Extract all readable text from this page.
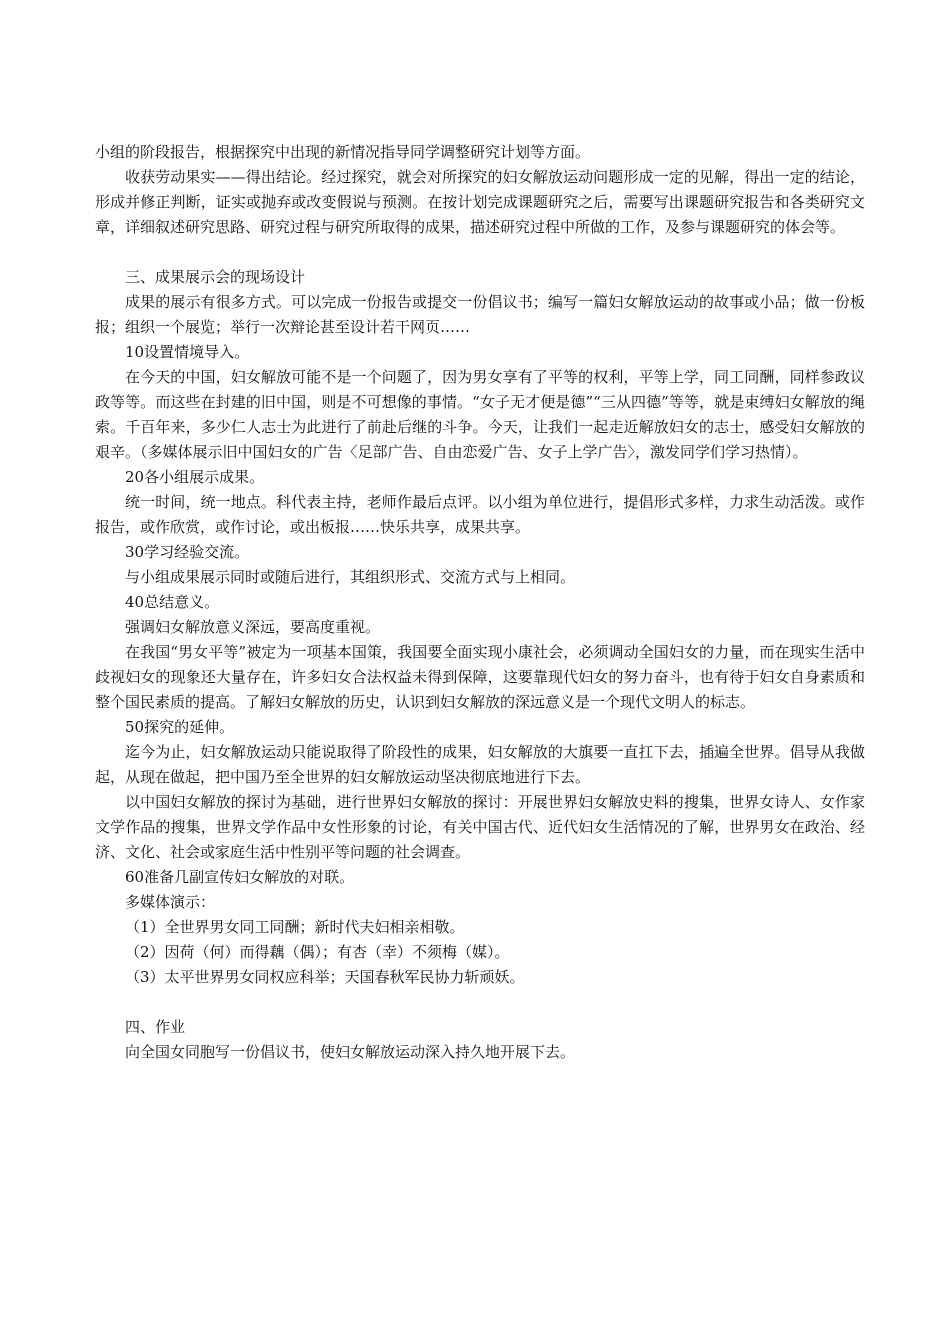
小组的阶段报告，根据探究中出现的新情况指导同学调整研究计划等方面。

收获劳动果实——得出结论。经过探究，就会对所探究的妇女解放运动问题形成一定的见解，得出一定的结论，形成并修正判断，证实或抛弃或改变假说与预测。在按计划完成课题研究之后，需要写出课题研究报告和各类研究文章，详细叙述研究思路、研究过程与研究所取得的成果，描述研究过程中所做的工作，及参与课题研究的体会等。

三、成果展示会的现场设计

成果的展示有很多方式。可以完成一份报告或提交一份倡议书；编写一篇妇女解放运动的故事或小品；做一份板报；组织一个展览；举行一次辩论甚至设计若干网页……

10设置情境导入。

在今天的中国，妇女解放可能不是一个问题了，因为男女享有了平等的权利，平等上学，同工同酬，同样参政议政等等。而这些在封建的旧中国，则是不可想像的事情。“女子无才便是德”“三从四德”等等，就是束缚妇女解放的绳索。千百年来，多少仁人志士为此进行了前赴后继的斗争。今天，让我们一起走近解放妇女的志士，感受妇女解放的艰辛。（多媒体展示旧中国妇女的广告〈足部广告、自由恋爱广告、女子上学广告〉，激发同学们学习热情）。

20各小组展示成果。

统一时间，统一地点。科代表主持，老师作最后点评。以小组为单位进行，提倡形式多样，力求生动活泼。或作报告，或作欣赏，或作讨论，或出板报……快乐共享，成果共享。

30学习经验交流。

与小组成果展示同时或随后进行，其组织形式、交流方式与上相同。

40总结意义。

强调妇女解放意义深远，要高度重视。

在我国“男女平等”被定为一项基本国策，我国要全面实现小康社会，必须调动全国妇女的力量，而在现实生活中歧视妇女的现象还大量存在，许多妇女合法权益未得到保障，这要靠现代妇女的努力奋斗，也有待于妇女自身素质和整个国民素质的提高。了解妇女解放的历史，认识到妇女解放的深远意义是一个现代文明人的标志。

50探究的延伸。

迄今为止，妇女解放运动只能说取得了阶段性的成果，妇女解放的大旗要一直扛下去，插遍全世界。倡导从我做起，从现在做起，把中国乃至全世界的妇女解放运动坚决彻底地进行下去。

以中国妇女解放的探讨为基础，进行世界妇女解放的探讨：开展世界妇女解放史料的搜集，世界女诗人、女作家文学作品的搜集，世界文学作品中女性形象的讨论，有关中国古代、近代妇女生活情况的了解，世界男女在政治、经济、文化、社会或家庭生活中性别平等问题的社会调查。

60准备几副宣传妇女解放的对联。

多媒体演示：

（1）全世界男女同工同酬；新时代夫妇相亲相敬。

（2）因荷（何）而得藕（偶）；有杏（幸）不须梅（媒）。

（3）太平世界男女同权应科举；天国春秋军民协力斩顽妖。

四、作业

向全国女同胞写一份倡议书，使妇女解放运动深入持久地开展下去。
